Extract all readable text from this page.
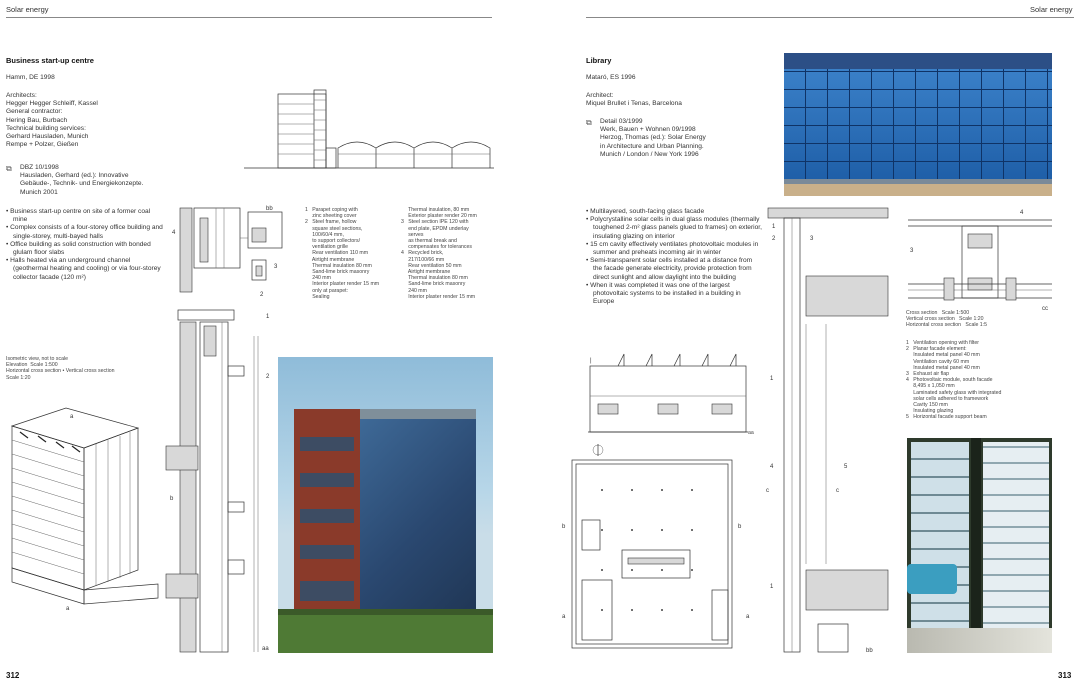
Solar energy
Business start-up centre
Hamm, DE 1998
Architects:
Hegger Hegger Schleiff, Kassel
General contractor:
Hering Bau, Burbach
Technical building services:
Gerhard Hausladen, Munich
Rempe + Polzer, Gießen
⧉ DBZ 10/1998
Hausladen, Gerhard (ed.): Innovative
Gebäude-, Technik- und Energiekonzepte.
Munich 2001
• Business start-up centre on site of a former coal mine
• Complex consists of a four-storey office building and single-storey, multi-bayed halls
• Office building as solid construction with bonded glulam floor slabs
• Halls heated via an underground channel (geothermal heating and cooling) or via four-storey collector facade (120 m²)
4
bb
3
2
1   Parapet coping with
zinc sheeting cover
2   Steel frame, hollow
square steel sections,
100/60/4 mm,
to support collectors/
ventilation grille
Rear ventilation 110 mm
Airtight membrane
Thermal insulation 80 mm
Sand-lime brick masonry
240 mm
Interior plaster render 15 mm
only at parapet:
Sealing
Thermal insulation, 80 mm
Exterior plaster render 20 mm
3   Steel section IPE 120 with
end plate, EPDM underlay
serves
as thermal break and
compensates for tolerances
4   Recycled brick,
217/100/66 mm
Rear ventilation 50 mm
Airtight membrane
Thermal insulation 80 mm
Sand-lime brick masonry
240 mm
Interior plaster render 15 mm
1
2
b
aa
Isometric view, not to scale
Elevation  Scale 1:500
Horizontal cross section • Vertical cross section
Scale 1:20
a
a
312
Solar energy
Library
Mataró, ES 1996
Architect:
Miquel Brullet i Tenas, Barcelona
⧉ Detail 03/1999
Werk, Bauen + Wohnen 09/1998
Herzog, Thomas (ed.): Solar Energy
in Architecture and Urban Planning.
Munich / London / New York 1996
• Multilayered, south-facing glass facade
• Polycrystalline solar cells in dual glass modules (thermally toughened 2-m² glass panels glued to frames) on exterior, insulating glazing on interior
• 15 cm cavity effectively ventilates photovoltaic modules in summer and preheats incoming air in winter
• Semi-transparent solar cells installed at a distance from the facade generate electricity, provide protection from direct sunlight and allow daylight into the building
• When it was completed it was one of the largest photovoltaic systems to be installed in a building in Europe
|
aa
b
a	a
b
1
2	3
1
4	5
c	c
1
bb
4
3
cc
Cross section   Scale 1:500
Vertical cross section   Scale 1:20
Horizontal cross section   Scale 1:5
1   Ventilation opening with filter
2   Planar facade element:
Insulated metal panel 40 mm
Ventilation cavity 60 mm
Insulated metal panel 40 mm
3   Exhaust air flap
4   Photovoltaic module, south facade
8,495 x 1,050 mm
Laminated safety glass with integrated
solar cells adhered to framework
Cavity 150 mm
Insulating glazing
5   Horizontal facade support beam
313
